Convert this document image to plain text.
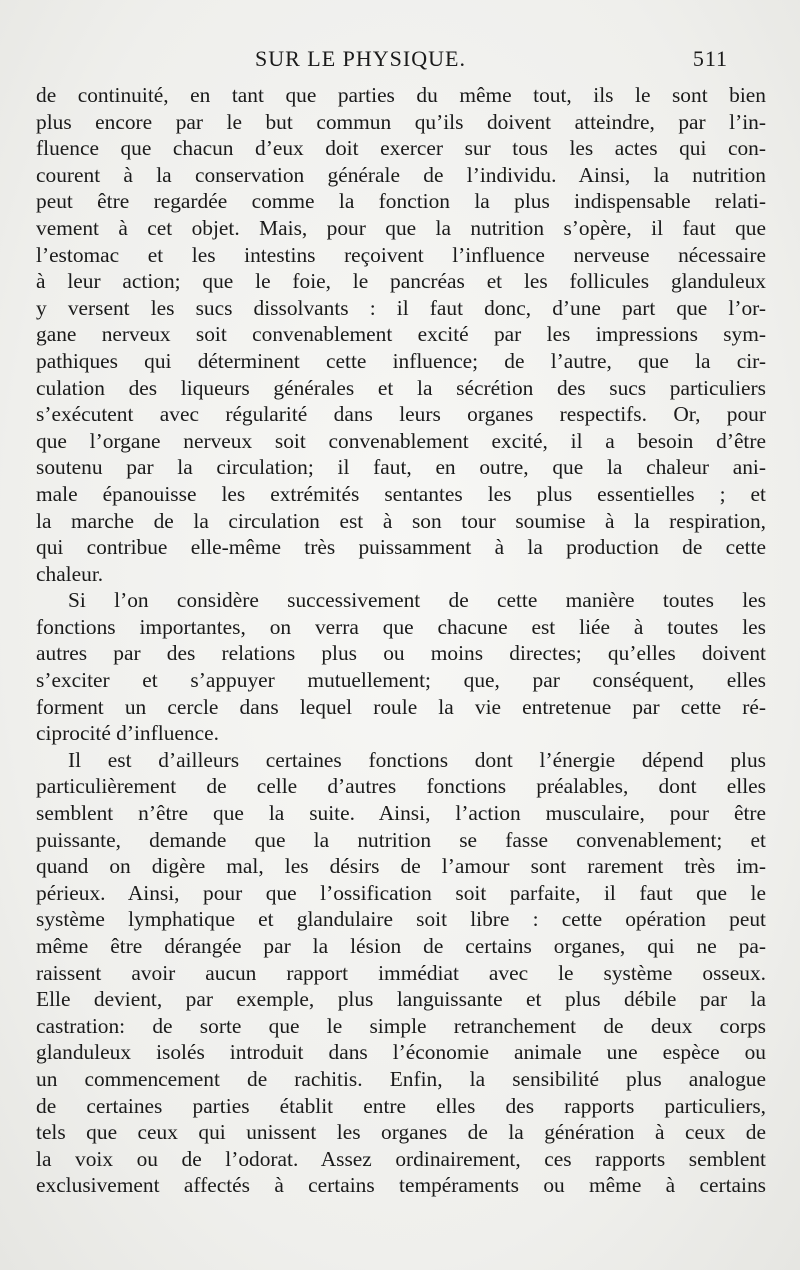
SUR LE PHYSIQUE.	511
de continuité, en tant que parties du même tout, ils le sont bien
plus encore par le but commun qu’ils doivent atteindre, par l’in-
fluence que chacun d’eux doit exercer sur tous les actes qui con-
courent à la conservation générale de l’individu. Ainsi, la nutrition
peut être regardée comme la fonction la plus indispensable relati-
vement à cet objet. Mais, pour que la nutrition s’opère, il faut que
l’estomac et les intestins reçoivent l’influence nerveuse nécessaire
à leur action; que le foie, le pancréas et les follicules glanduleux
y versent les sucs dissolvants : il faut donc, d’une part que l’or-
gane nerveux soit convenablement excité par les impressions sym-
pathiques qui déterminent cette influence; de l’autre, que la cir-
culation des liqueurs générales et la sécrétion des sucs particuliers
s’exécutent avec régularité dans leurs organes respectifs. Or, pour
que l’organe nerveux soit convenablement excité, il a besoin d’être
soutenu par la circulation; il faut, en outre, que la chaleur ani-
male épanouisse les extrémités sentantes les plus essentielles ; et
la marche de la circulation est à son tour soumise à la respiration,
qui contribue elle-même très puissamment à la production de cette
chaleur.
Si l’on considère successivement de cette manière toutes les
fonctions importantes, on verra que chacune est liée à toutes les
autres par des relations plus ou moins directes; qu’elles doivent
s’exciter et s’appuyer mutuellement; que, par conséquent, elles
forment un cercle dans lequel roule la vie entretenue par cette ré-
ciprocité d’influence.
Il est d’ailleurs certaines fonctions dont l’énergie dépend plus
particulièrement de celle d’autres fonctions préalables, dont elles
semblent n’être que la suite. Ainsi, l’action musculaire, pour être
puissante, demande que la nutrition se fasse convenablement; et
quand on digère mal, les désirs de l’amour sont rarement très im-
périeux. Ainsi, pour que l’ossification soit parfaite, il faut que le
système lymphatique et glandulaire soit libre : cette opération peut
même être dérangée par la lésion de certains organes, qui ne pa-
raissent avoir aucun rapport immédiat avec le système osseux.
Elle devient, par exemple, plus languissante et plus débile par la
castration: de sorte que le simple retranchement de deux corps
glanduleux isolés introduit dans l’économie animale une espèce ou
un commencement de rachitis. Enfin, la sensibilité plus analogue
de certaines parties établit entre elles des rapports particuliers,
tels que ceux qui unissent les organes de la génération à ceux de
la voix ou de l’odorat. Assez ordinairement, ces rapports semblent
exclusivement affectés à certains tempéraments ou même à certains
